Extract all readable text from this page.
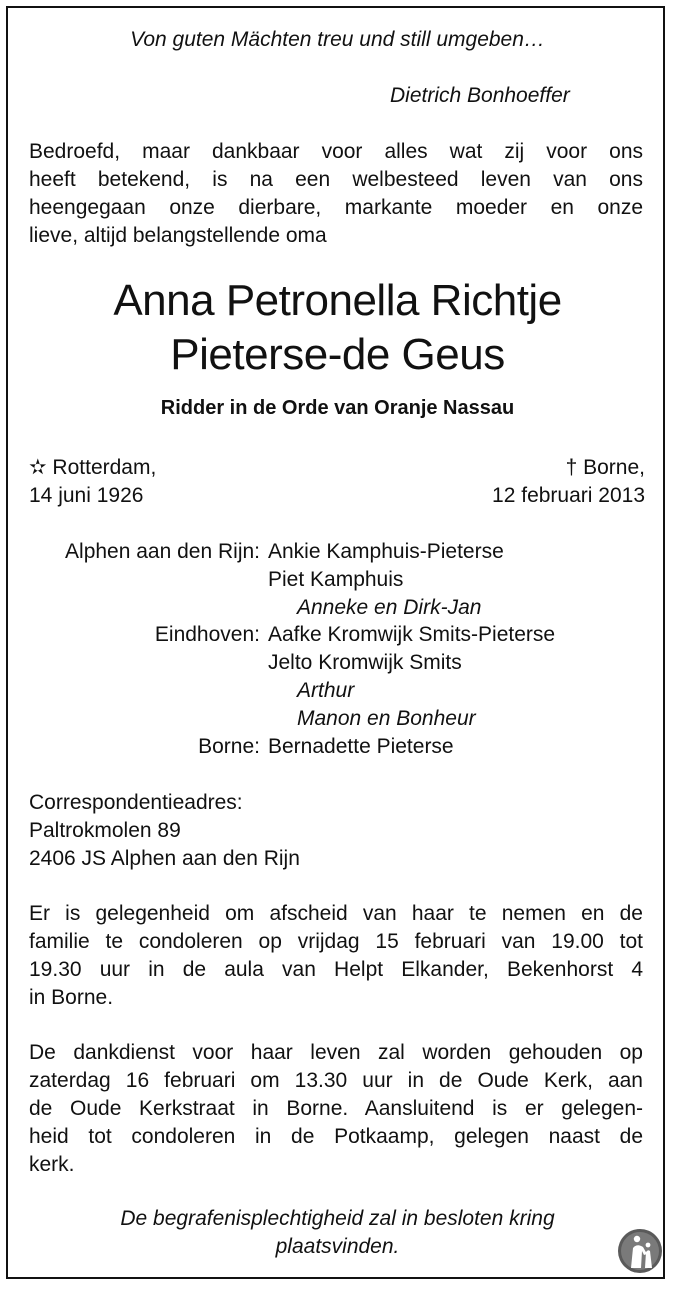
Von guten Mächten treu und still umgeben…
Dietrich Bonhoeffer
Bedroefd, maar dankbaar voor alles wat zij voor ons
heeft betekend, is na een welbesteed leven van ons
heengegaan onze dierbare, markante moeder en onze
lieve, altijd belangstellende oma
Anna Petronella Richtje
Pieterse-de Geus
Ridder in de Orde van Oranje Nassau
✫ Rotterdam,
14 juni 1926
† Borne,
12 februari 2013
Alphen aan den Rijn: Ankie Kamphuis-Pieterse
Piet Kamphuis
Anneke en Dirk-Jan
Eindhoven: Aafke Kromwijk Smits-Pieterse
Jelto Kromwijk Smits
Arthur
Manon en Bonheur
Borne: Bernadette Pieterse
Correspondentieadres:
Paltrokmolen 89
2406 JS Alphen aan den Rijn
Er is gelegenheid om afscheid van haar te nemen en de
familie te condoleren op vrijdag 15 februari van 19.00 tot
19.30 uur in de aula van Helpt Elkander, Bekenhorst 4
in Borne.
De dankdienst voor haar leven zal worden gehouden op
zaterdag 16 februari om 13.30 uur in de Oude Kerk, aan
de Oude Kerkstraat in Borne. Aansluitend is er gelegen-
heid tot condoleren in de Potkaamp, gelegen naast de
kerk.
De begrafenisplechtigheid zal in besloten kring
plaatsvinden.
